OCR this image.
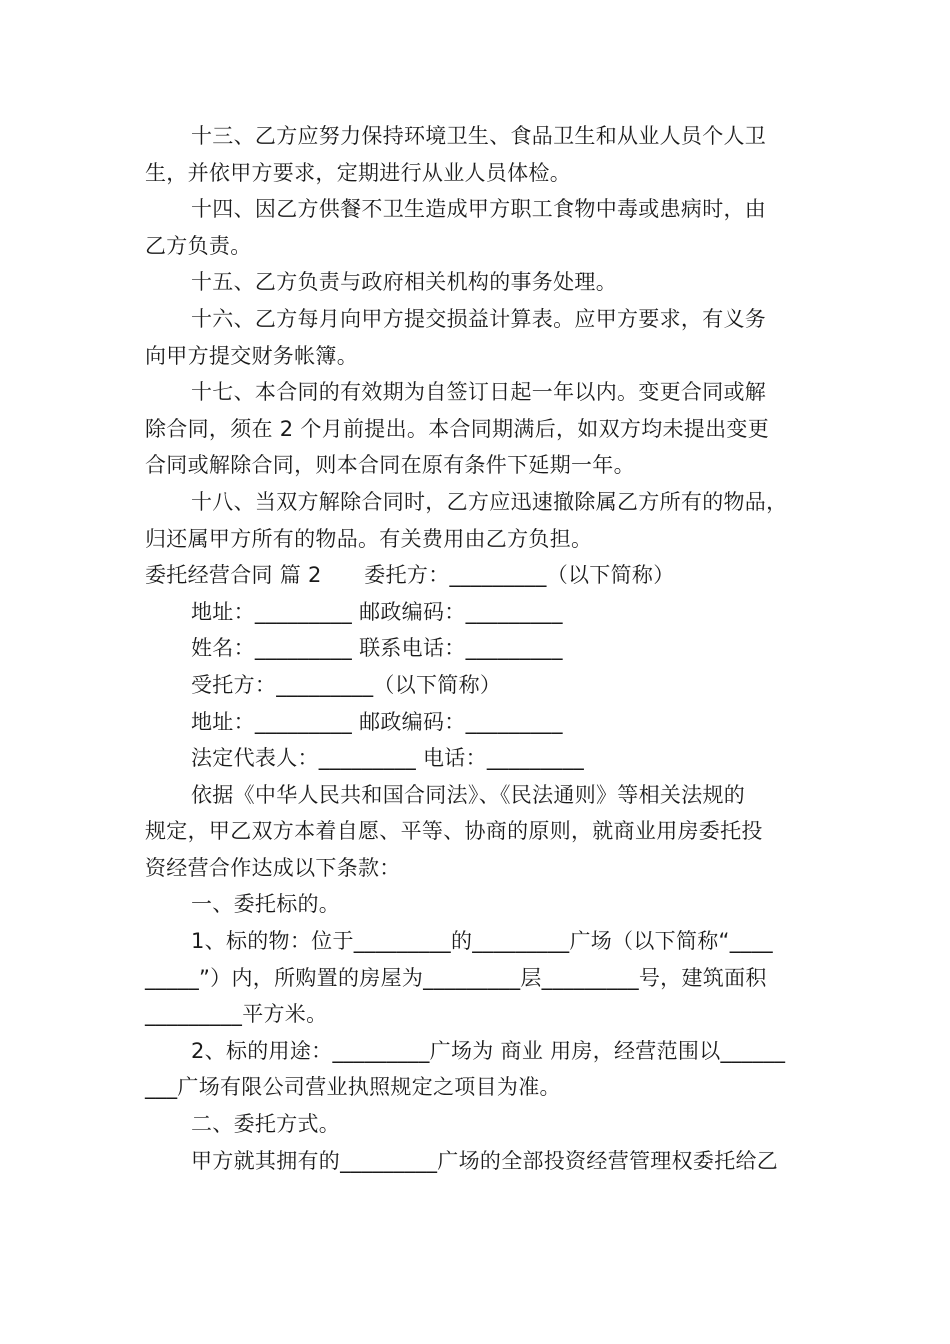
十三、乙方应努力保持环境卫生、食品卫生和从业人员个人卫
生，并依甲方要求，定期进行从业人员体检。
十四、因乙方供餐不卫生造成甲方职工食物中毒或患病时，由
乙方负责。
十五、乙方负责与政府相关机构的事务处理。
十六、乙方每月向甲方提交损益计算表。应甲方要求，有义务
向甲方提交财务帐簿。
十七、本合同的有效期为自签订日起一年以内。变更合同或解
除合同，须在 2 个月前提出。本合同期满后，如双方均未提出变更
合同或解除合同，则本合同在原有条件下延期一年。
十八、当双方解除合同时，乙方应迅速撤除属乙方所有的物品，
归还属甲方所有的物品。有关费用由乙方负担。
委托经营合同 篇 2　　委托方：_________（以下简称）
地址：_________ 邮政编码：_________
姓名：_________ 联系电话：_________
受托方：_________（以下简称）
地址：_________ 邮政编码：_________
法定代表人：_________ 电话：_________
依据《中华人民共和国合同法》、《民法通则》等相关法规的
规定，甲乙双方本着自愿、平等、协商的原则，就商业用房委托投
资经营合作达成以下条款：
一、委托标的。
1、标的物：位于_________的_________广场（以下简称“____
_____”）内，所购置的房屋为_________层_________号，建筑面积
_________平方米。
2、标的用途：_________广场为 商业 用房，经营范围以______
___广场有限公司营业执照规定之项目为准。
二、委托方式。
甲方就其拥有的_________广场的全部投资经营管理权委托给乙
